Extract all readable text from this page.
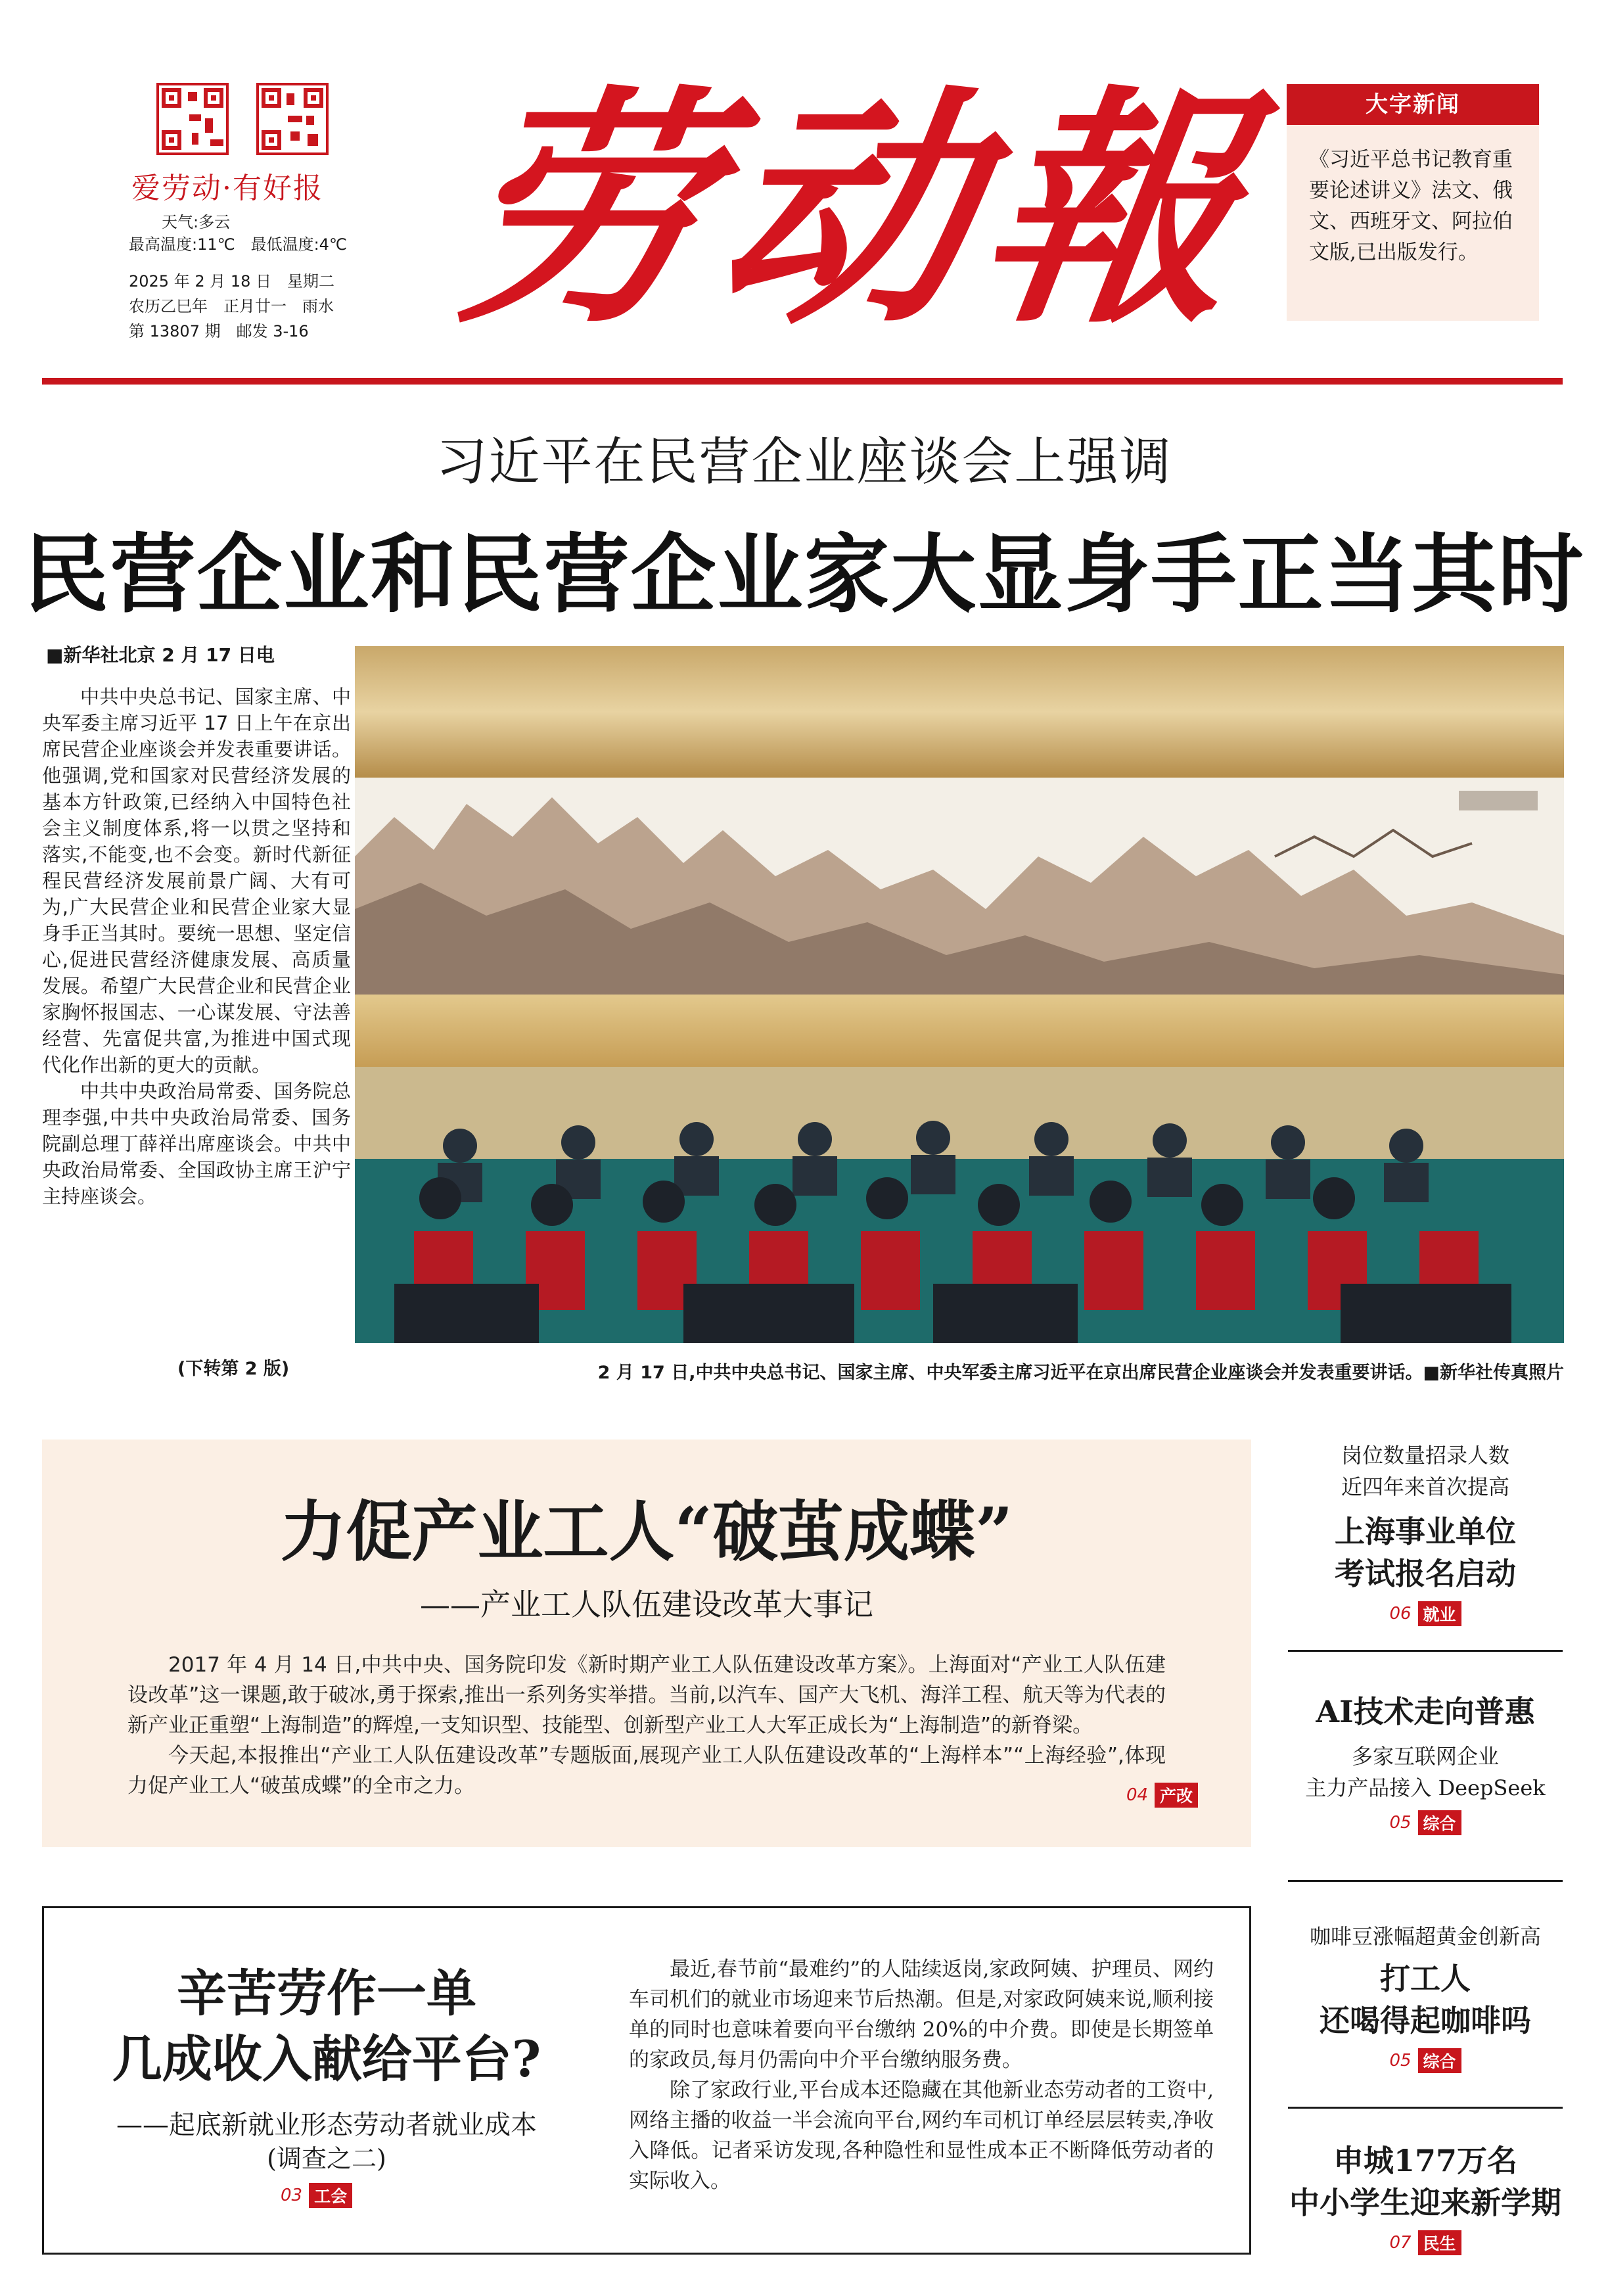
爱劳动·有好报
天气:多云
最高温度:11℃　最低温度:4℃
2025 年 2 月 18 日　星期二
农历乙巳年　正月廿一　雨水
第 13807 期　邮发 3-16 劳动報	大字新闻
《习近平总书记教育重要论述讲义》法文、俄文、西班牙文、阿拉伯文版,已出版发行。
习近平在民营企业座谈会上强调
民营企业和民营企业家大显身手正当其时
■新华社北京 2 月 17 日电

中共中央总书记、国家主席、中央军委主席习近平 17 日上午在京出席民营企业座谈会并发表重要讲话。他强调,党和国家对民营经济发展的基本方针政策,已经纳入中国特色社会主义制度体系,将一以贯之坚持和落实,不能变,也不会变。新时代新征程民营经济发展前景广阔、大有可为,广大民营企业和民营企业家大显身手正当其时。要统一思想、坚定信心,促进民营经济健康发展、高质量发展。希望广大民营企业和民营企业家胸怀报国志、一心谋发展、守法善经营、先富促共富,为推进中国式现代化作出新的更大的贡献。

中共中央政治局常委、国务院总理李强,中共中央政治局常委、国务院副总理丁薛祥出席座谈会。中共中央政治局常委、全国政协主席王沪宁主持座谈会。

(下转第 2 版)	2 月 17 日,中共中央总书记、国家主席、中央军委主席习近平在京出席民营企业座谈会并发表重要讲话。■新华社传真照片
力促产业工人“破茧成蝶”
——产业工人队伍建设改革大事记

2017 年 4 月 14 日,中共中央、国务院印发《新时期产业工人队伍建设改革方案》。上海面对“产业工人队伍建设改革”这一课题,敢于破冰,勇于探索,推出一系列务实举措。当前,以汽车、国产大飞机、海洋工程、航天等为代表的新产业正重塑“上海制造”的辉煌,一支知识型、技能型、创新型产业工人大军正成长为“上海制造”的新脊梁。

今天起,本报推出“产业工人队伍建设改革”专题版面,展现产业工人队伍建设改革的“上海样本”“上海经验”,体现力促产业工人“破茧成蝶”的全市之力。	04 产改
辛苦劳作一单
几成收入献给平台?
——起底新就业形态劳动者就业成本
(调查之二)
03 工会

最近,春节前“最难约”的人陆续返岗,家政阿姨、护理员、网约车司机们的就业市场迎来节后热潮。但是,对家政阿姨来说,顺利接单的同时也意味着要向平台缴纳 20%的中介费。即使是长期签单的家政员,每月仍需向中介平台缴纳服务费。

除了家政行业,平台成本还隐藏在其他新业态劳动者的工资中,网络主播的收益一半会流向平台,网约车司机订单经层层转卖,净收入降低。记者采访发现,各种隐性和显性成本正不断降低劳动者的实际收入。

岗位数量招录人数
近四年来首次提高
上海事业单位
考试报名启动
06 就业
AI技术走向普惠
多家互联网企业
主力产品接入 DeepSeek
05 综合
咖啡豆涨幅超黄金创新高
打工人
还喝得起咖啡吗
05 综合
申城177万名
中小学生迎来新学期
07 民生
